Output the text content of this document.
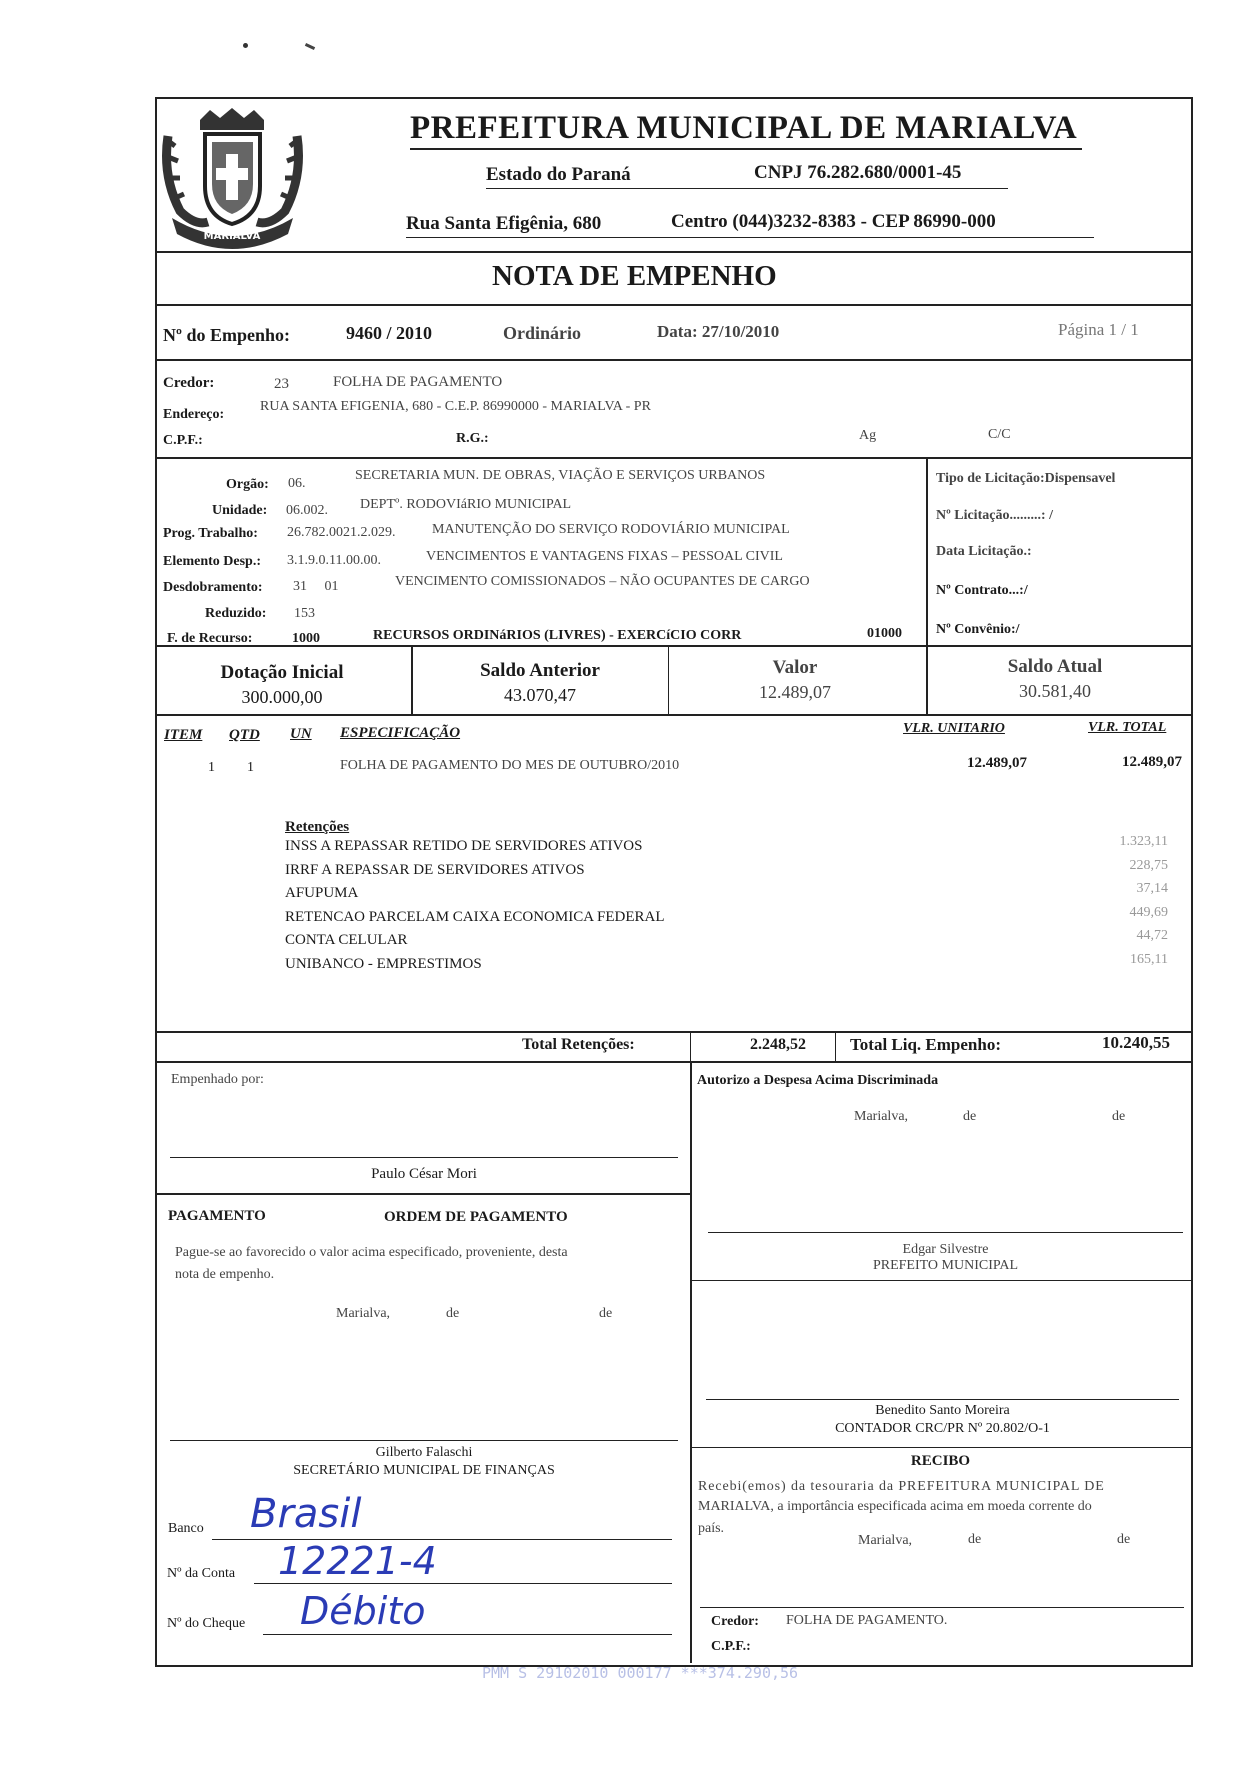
MARIALVA
PREFEITURA MUNICIPAL DE MARIALVA
Estado do Paraná	CNPJ 76.282.680/0001-45
Rua Santa Efigênia, 680	Centro (044)3232-8383 - CEP 86990-000
NOTA DE EMPENHO
Nº do Empenho:	9460 / 2010	Ordinário	Data: 27/10/2010	Página 1 / 1
Credor:	23	FOLHA DE PAGAMENTO
Endereço:
RUA SANTA EFIGENIA, 680 - C.E.P. 86990000 - MARIALVA - PR
C.P.F.:	R.G.:	Ag	C/C
Orgão: 06.
SECRETARIA MUN. DE OBRAS, VIAÇÃO E SERVIÇOS URBANOS
Unidade: 06.002. DEPTº. RODOVIáRIO MUNICIPAL
Prog. Trabalho: 26.782.0021.2.029.	MANUTENÇÃO DO SERVIÇO RODOVIÁRIO MUNICIPAL
Elemento Desp.: 3.1.9.0.11.00.00.	VENCIMENTOS E VANTAGENS FIXAS – PESSOAL CIVIL
Desdobramento: 31     01	VENCIMENTO COMISSIONADOS – NÃO OCUPANTES DE CARGO
Reduzido: 153
F. de Recurso:	1000	RECURSOS ORDINáRIOS (LIVRES) - EXERCíCIO CORR	01000
Tipo de Licitação:Dispensavel
Nº Licitação.........: /
Data Licitação.:
Nº Contrato...:/
Nº Convênio:/
Dotação Inicial
300.000,00
Saldo Anterior
43.070,47
Valor
12.489,07
Saldo Atual
30.581,40
ITEM QTD UN ESPECIFICAÇÃO	VLR. UNITARIO	VLR. TOTAL
1 1	FOLHA DE PAGAMENTO DO MES DE OUTUBRO/2010	12.489,07	12.489,07
Retenções
INSS A REPASSAR RETIDO DE SERVIDORES ATIVOS	1.323,11
IRRF A REPASSAR DE SERVIDORES ATIVOS	228,75
AFUPUMA	37,14
RETENCAO PARCELAM CAIXA ECONOMICA FEDERAL	449,69
CONTA CELULAR	44,72
UNIBANCO - EMPRESTIMOS	165,11
Total Retenções:	2.248,52	Total Liq. Empenho:	10.240,55
Empenhado por:
Paulo César Mori
Autorizo a Despesa Acima Discriminada
Marialva,	de	de
Edgar Silvestre
PREFEITO MUNICIPAL
PAGAMENTO	ORDEM DE PAGAMENTO
Pague-se ao favorecido o valor acima especificado, proveniente, desta
nota de empenho.
Marialva,	de	de
Benedito Santo Moreira
CONTADOR CRC/PR Nº 20.802/O-1
Gilberto Falaschi
SECRETÁRIO MUNICIPAL DE FINANÇAS
Banco Brasil
Nº da Conta 12221-4
Nº do Cheque Débito
RECIBO
Recebi(emos) da tesouraria da PREFEITURA MUNICIPAL DE
MARIALVA, a importância especificada acima em moeda corrente do
país.
Marialva,	de	de
Credor: FOLHA DE PAGAMENTO.
C.P.F.:
PMM S 29102010 000177 ***374.290,56
